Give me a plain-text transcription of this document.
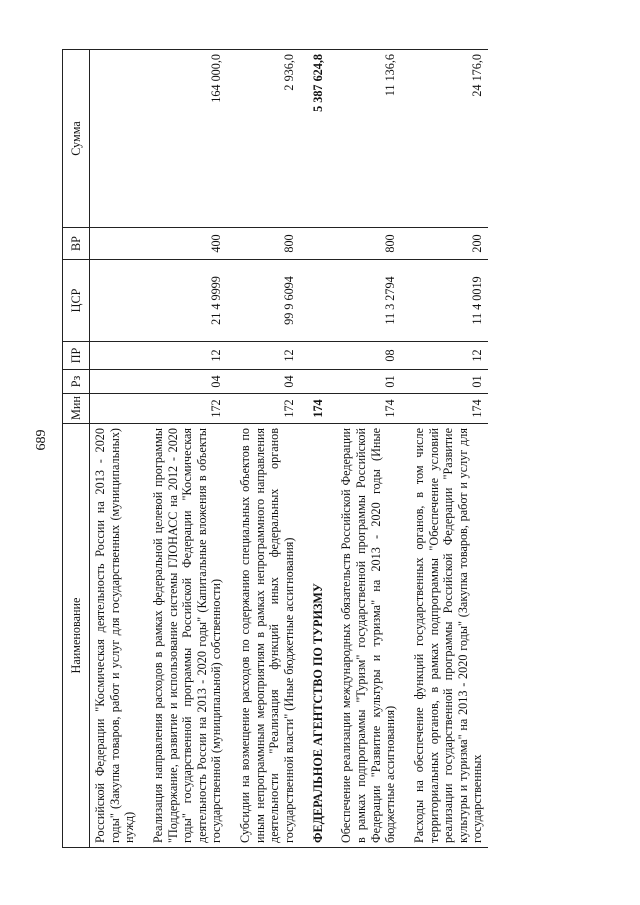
689
Наименование	Мин	Рз	ПР	ЦСР	ВР	Сумма
Российской Федерации "Космическая деятельность России на 2013 - 2020 годы" (Закупка товаров, работ и услуг для государственных (муниципальных) нужд)						

Реализация направления расходов в рамках федеральной целевой программы "Поддержание, развитие и использование системы ГЛОНАСС на 2012 - 2020 годы" государственной программы Российской Федерации "Космическая деятельность России на 2013 - 2020 годы" (Капитальные вложения в объекты государственной (муниципальной) собственности)	172	04	12	21 4 9999	400	164 000,0

Субсидии на возмещение расходов по содержанию специальных объектов по иным непрограммным мероприятиям в рамках непрограммного направления деятельности "Реализация функций иных федеральных органов государственной власти" (Иные бюджетные ассигнования)	172	04	12	99 9 6094	800	2 936,0

ФЕДЕРАЛЬНОЕ АГЕНТСТВО ПО ТУРИЗМУ	174					5 387 624,8

Обеспечение реализации международных обязательств Российской Федерации в рамках подпрограммы "Туризм" государственной программы Российской Федерации "Развитие культуры и туризма" на 2013 - 2020 годы (Иные бюджетные ассигнования)	174	01	08	11 3 2794	800	11 136,6

Расходы на обеспечение функций государственных органов, в том числе территориальных органов, в рамках подпрограммы "Обеспечение условий реализации государственной программы Российской Федерации "Развитие культуры и туризма" на 2013 - 2020 годы" (Закупка товаров, работ и услуг для государственных	174	01	12	11 4 0019	200	24 176,0
